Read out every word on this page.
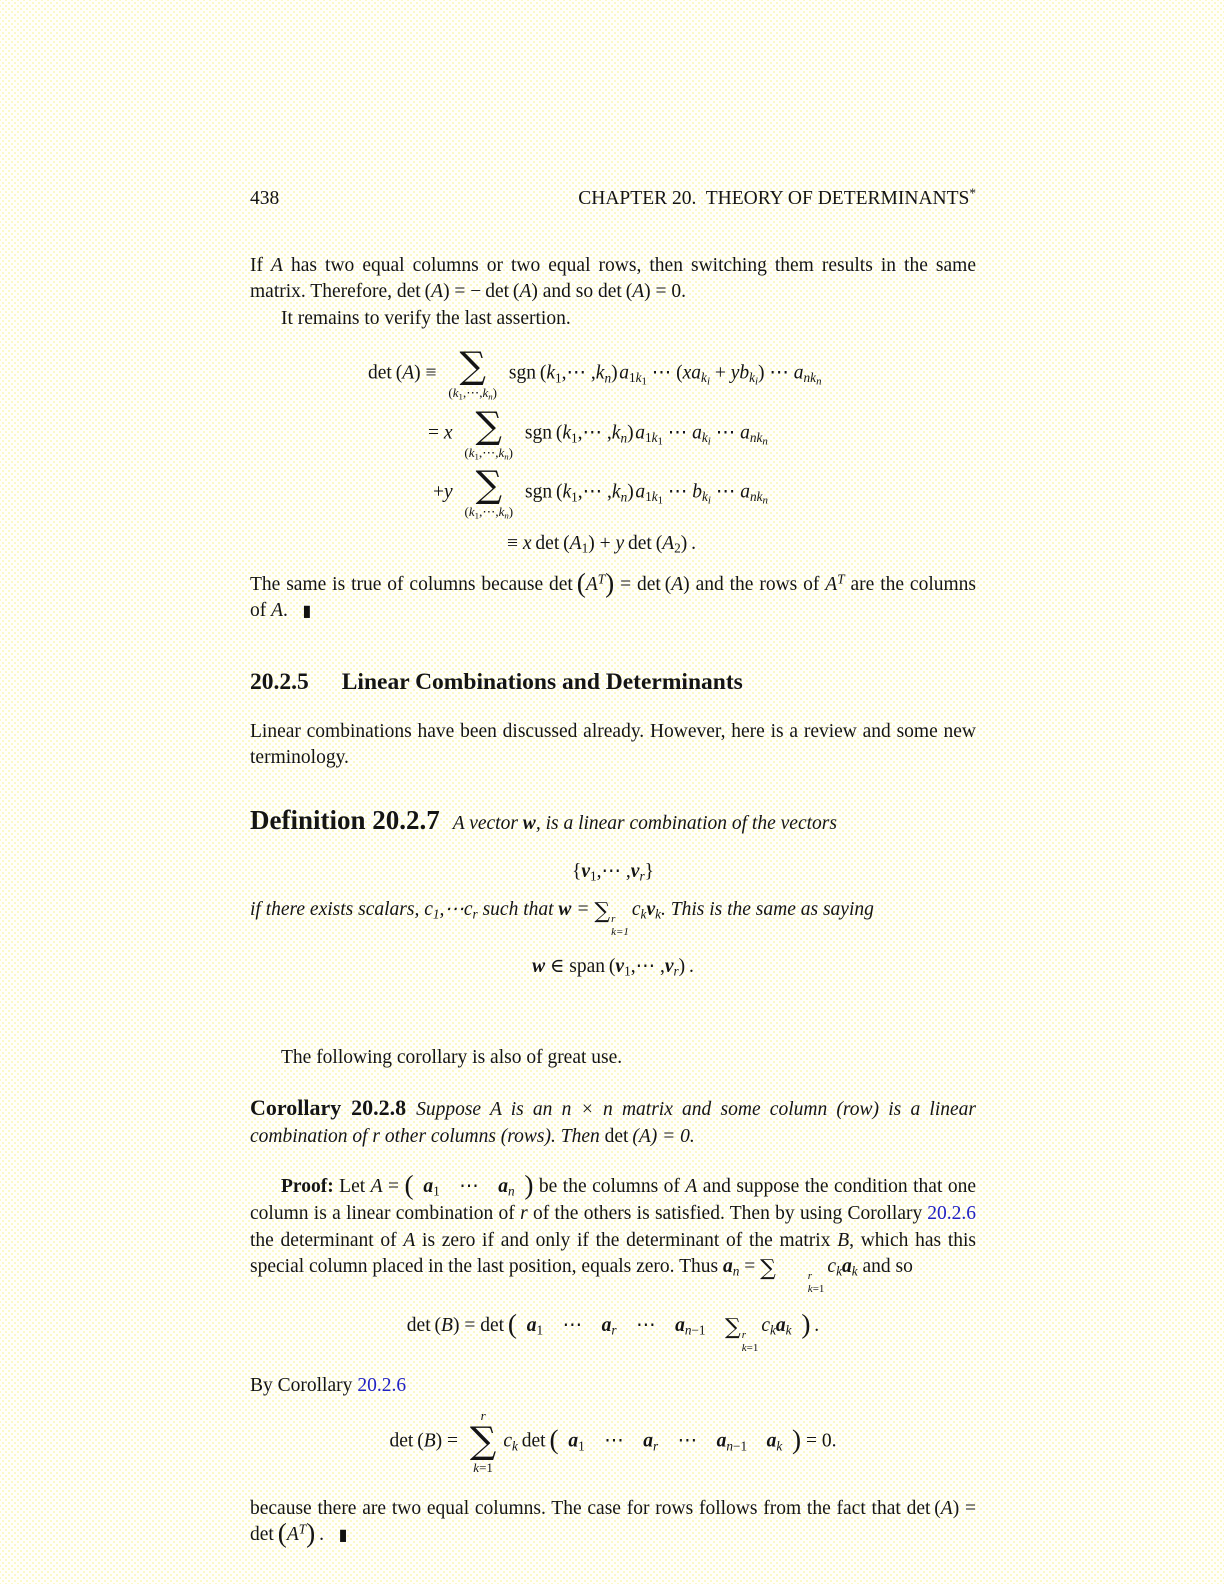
438	CHAPTER 20.  THEORY OF DETERMINANTS*

If A has two equal columns or two equal rows, then switching them results in the same matrix. Therefore, det (A) = − det (A) and so det (A) = 0.

It remains to verify the last assertion.

det (A) ≡ ∑
$(k_1,\cdots,k_n)$
sgn ($k_1,\cdots$ $,k_n$) $a_{1k_1}$ ⋯ $(xa_{k_i} + yb_{k_i})$ ⋯ $a_{nk_n}$
= x ∑
$(k_1,\cdots,k_n)$
sgn ($k_1,\cdots$ $,k_n$) $a_{1k_1}$ ⋯ $a_{k_i}$ ⋯ $a_{nk_n}$
+y ∑
$(k_1,\cdots,k_n)$
sgn ($k_1,\cdots$ $,k_n$) $a_{1k_1}$ ⋯ $b_{k_i}$ ⋯ $a_{nk_n}$
≡ x $\det (A_1) + y$ $\det (A_2)$ .

The same is true of columns because $\det (A^T) = \det (A)$ and the rows of $A^T$ are the columns of A.  ▮

20.2.5 Linear Combinations and Determinants

Linear combinations have been discussed already. However, here is a review and some new terminology.

Definition 20.2.7 A vector w, is a linear combination of the vectors

{$v_1,\cdots$ $,v_r$}

if there exists scalars, $c_1,\cdots c_r$ such that w = ∑ r
k=1
$c_kv_k$. This is the same as saying

w ∈ span ($v_1,\cdots$ $,v_r$) .

The following corollary is also of great use.

Corollary 20.2.8 Suppose A is an n × n matrix and some column (row) is a linear combination of r other columns (rows). Then det (A) = 0.

Proof: Let A = (  $a_1$  ⋯  $a_n$  ) be the columns of A and suppose the condition that one column is a linear combination of r of the others is satisfied. Then by using Corollary 20.2.6 the determinant of A is zero if and only if the determinant of the matrix B, which has this special column placed in the last position, equals zero. Thus $a_n$ = ∑	r
k=1
$c_ka_k$ and so

det (B) = det (  $a_1$ ⋯ $a_r$ ⋯ $a_{n-1}$  ∑ r
k=1
$c_ka_k$  ) .

By Corollary 20.2.6

det (B) =
r
∑
k=1
$c_k$ det (  $a_1$ ⋯ $a_r$ ⋯ $a_{n-1}$  $a_k$  ) = 0.

because there are two equal columns. The case for rows follows from the fact that $\det (A) = \det (A^T)$ .  ▮
